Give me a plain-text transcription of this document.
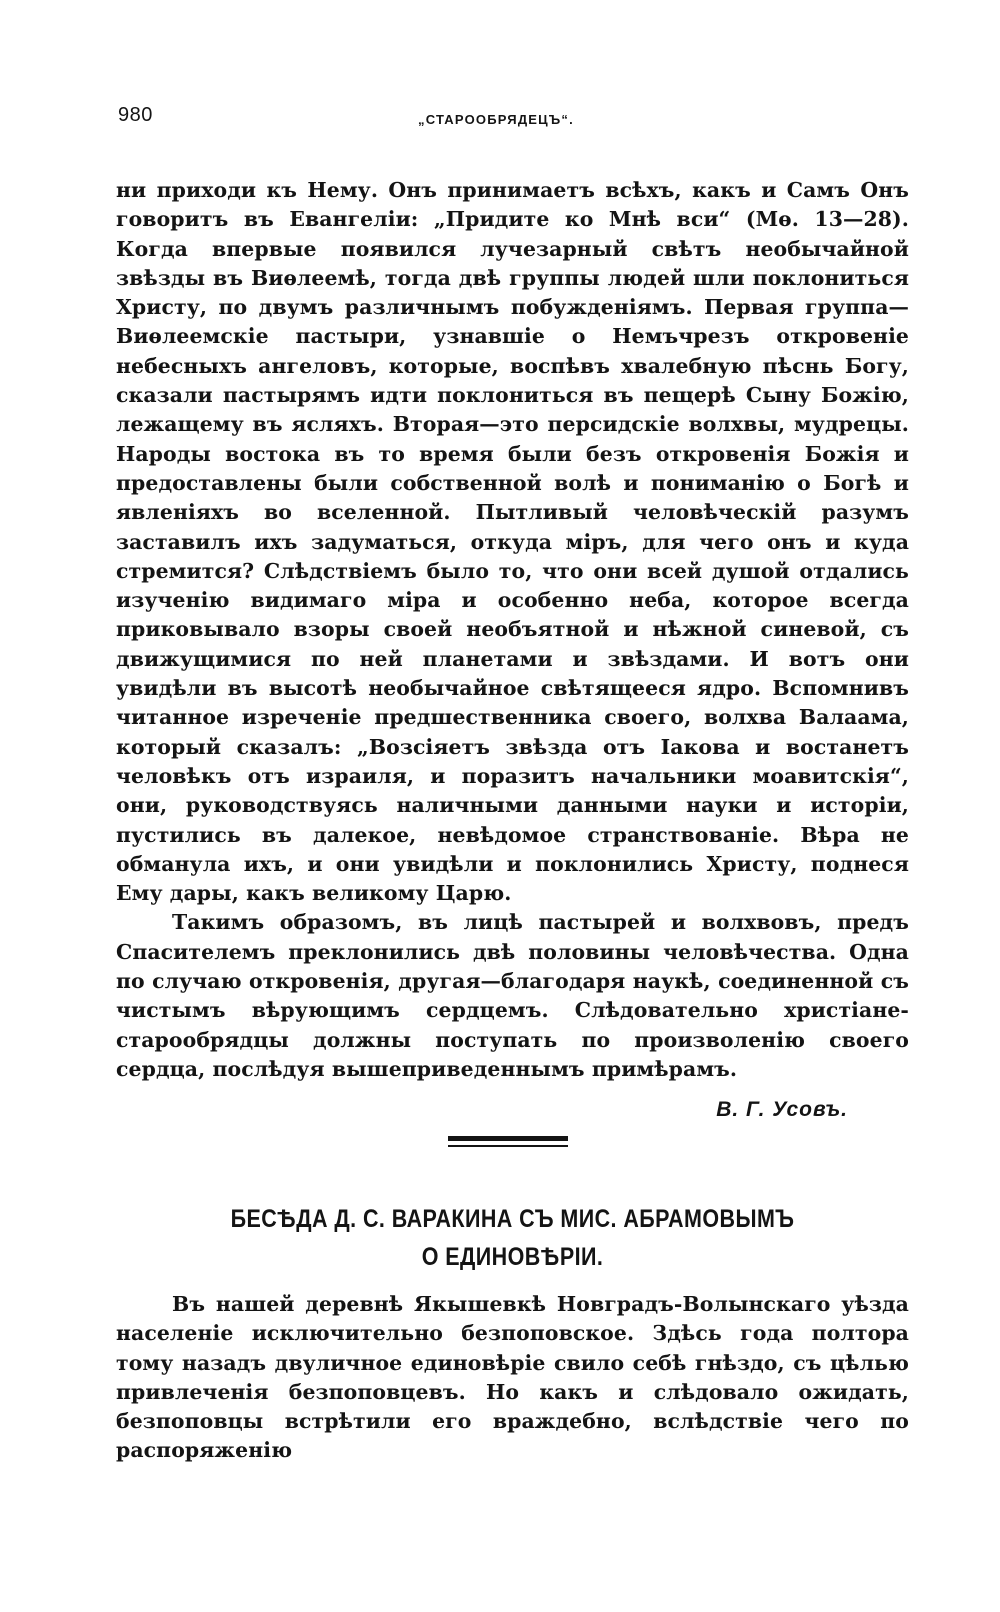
980	„СТАРООБРЯДЕЦЪ“.

ни приходи къ Нему. Онъ принимаетъ всѣхъ, какъ и Самъ Онъ говоритъ въ Евангеліи: „Придите ко Мнѣ вси“ (Мѳ. 13—28). Когда впервые появился лучезарный свѣтъ необычайной звѣзды въ Виѳлеемѣ, тогда двѣ группы людей шли поклониться Христу, по двумъ различнымъ побужденіямъ. Первая группа—Виѳлеемскіе пастыри, узнавшіе о Немъчрезъ откровеніе небесныхъ ангеловъ, которые, воспѣвъ хвалебную пѣснь Богу, сказали пастырямъ идти поклониться въ пещерѣ Сыну Божію, лежащему въ ясляхъ. Вторая—это персидскіе волхвы, мудрецы. Народы востока въ то время были безъ откровенія Божія и предоставлены были собственной волѣ и пониманію о Богѣ и явленіяхъ во вселенной. Пытливый человѣческій разумъ заставилъ ихъ задуматься, откуда міръ, для чего онъ и куда стремится? Слѣдствіемъ было то, что они всей душой отдались изученію видимаго міра и особенно неба, которое всегда приковывало взоры своей необъятной и нѣжной синевой, съ движущимися по ней планетами и звѣздами. И вотъ они увидѣли въ высотѣ необычайное свѣтящееся ядро. Вспомнивъ читанное изреченіе предшественника своего, волхва Валаама, который сказалъ: „Возсіяетъ звѣзда отъ Іакова и востанетъ человѣкъ отъ израиля, и поразитъ начальники моавитскія“, они, руководствуясь наличными данными науки и исторіи, пустились въ далекое, невѣдомое странствованіе. Вѣра не обманула ихъ, и они увидѣли и поклонились Христу, поднеся Ему дары, какъ великому Царю.

Такимъ образомъ, въ лицѣ пастырей и волхвовъ, предъ Спасителемъ преклонились двѣ половины человѣчества. Одна по случаю откровенія, другая—благодаря наукѣ, соединенной съ чистымъ вѣрующимъ сердцемъ. Слѣдовательно христіане-старообрядцы должны поступать по произволенію своего сердца, послѣдуя вышеприведеннымъ примѣрамъ.

В. Г. Усовъ.
БЕСѢДА Д. С. ВАРАКИНА СЪ МИС. АБРАМОВЫМЪ
О ЕДИНОВѢРІИ.

Въ нашей деревнѣ Якышевкѣ Новградъ-Волынскаго уѣзда населеніе исключительно безпоповское. Здѣсь года полтора тому назадъ двуличное единовѣріе свило себѣ гнѣздо, съ цѣлью привлеченія безпоповцевъ. Но какъ и слѣдовало ожидать, безпоповцы встрѣтили его враждебно, вслѣдствіе чего по распоряженію
